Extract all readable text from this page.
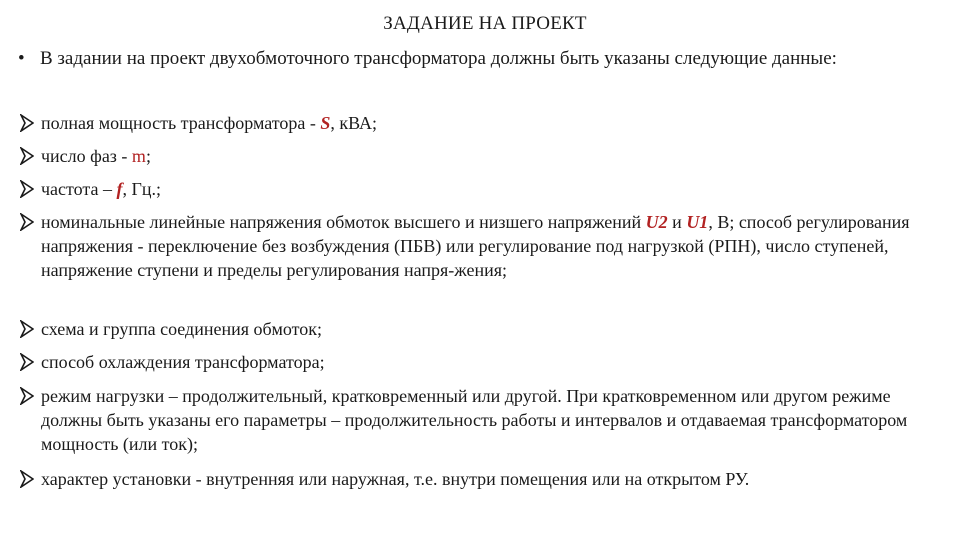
ЗАДАНИЕ НА ПРОЕКТ
• В задании на проект двухобмоточного трансформатора должны быть указаны следующие данные:
полная мощность трансформатора - S, кВА;
число фаз - m;
частота – f, Гц.;
номинальные линейные напряжения обмоток высшего и низшего напряжений U2 и U1, В; способ регулирования напряжения - переключение без возбуждения (ПБВ) или регулирование под нагрузкой (РПН), число ступеней, напряжение ступени и пределы регулирования напря-жения;
схема и группа соединения обмоток;
способ охлаждения трансформатора;
режим нагрузки – продолжительный, кратковременный или другой. При кратковременном или другом режиме должны быть указаны его параметры – продолжительность работы и интервалов и отдаваемая трансформатором мощность (или ток);
характер установки - внутренняя или наружная, т.е. внутри помещения или на открытом РУ.
